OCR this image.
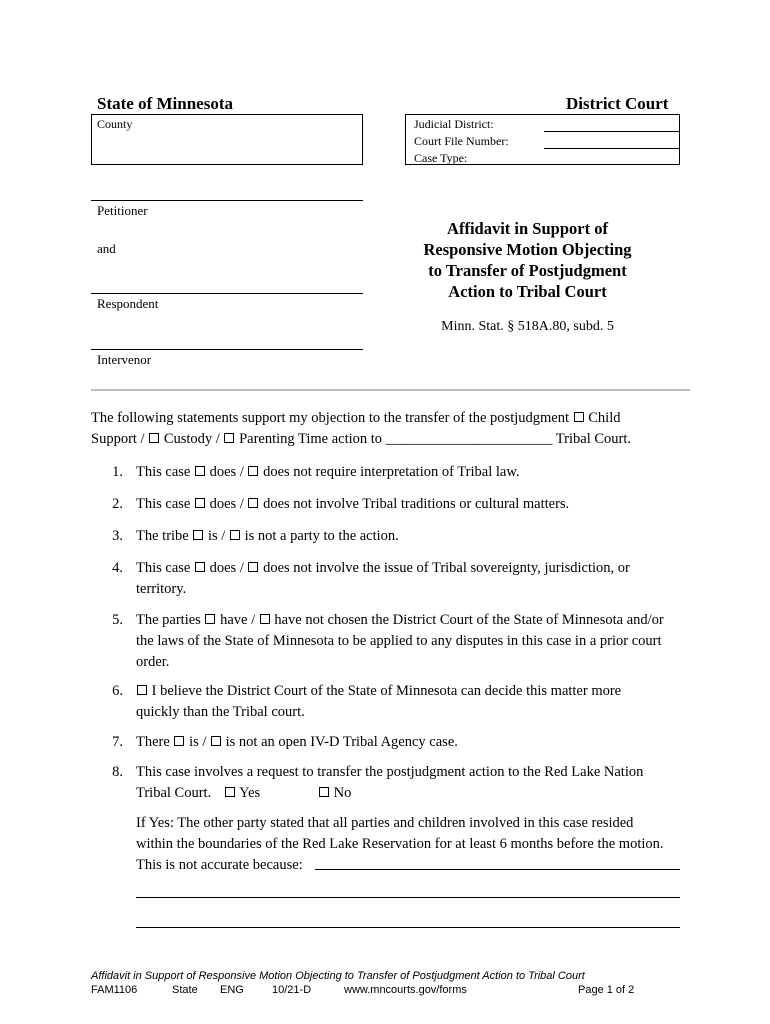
State of Minnesota	District Court
County	Judicial District:
Court File Number:
Case Type:
Petitioner
and
Respondent
Intervenor
Affidavit in Support of
Responsive Motion Objecting
to Transfer of Postjudgment
Action to Tribal Court
Minn. Stat. § 518A.80, subd. 5
The following statements support my objection to the transfer of the postjudgment Child
Support / Custody / Parenting Time action to _______________________ Tribal Court.
1. This case does / does not require interpretation of Tribal law.
2. This case does / does not involve Tribal traditions or cultural matters.
3. The tribe is / is not a party to the action.
4. This case does / does not involve the issue of Tribal sovereignty, jurisdiction, or
territory.
5. The parties have / have not chosen the District Court of the State of Minnesota and/or
the laws of the State of Minnesota to be applied to any disputes in this case in a prior court
order.
6.	I believe the District Court of the State of Minnesota can decide this matter more
quickly than the Tribal court.
7. There is / is not an open IV-D Tribal Agency case.
8. This case involves a request to transfer the postjudgment action to the Red Lake Nation
Tribal Court.	Yes	No
If Yes: The other party stated that all parties and children involved in this case resided
within the boundaries of the Red Lake Reservation for at least 6 months before the motion.
This is not accurate because:
Affidavit in Support of Responsive Motion Objecting to Transfer of Postjudgment Action to Tribal Court
FAM1106	State ENG	10/21-D	www.mncourts.gov/forms	Page 1 of 2
